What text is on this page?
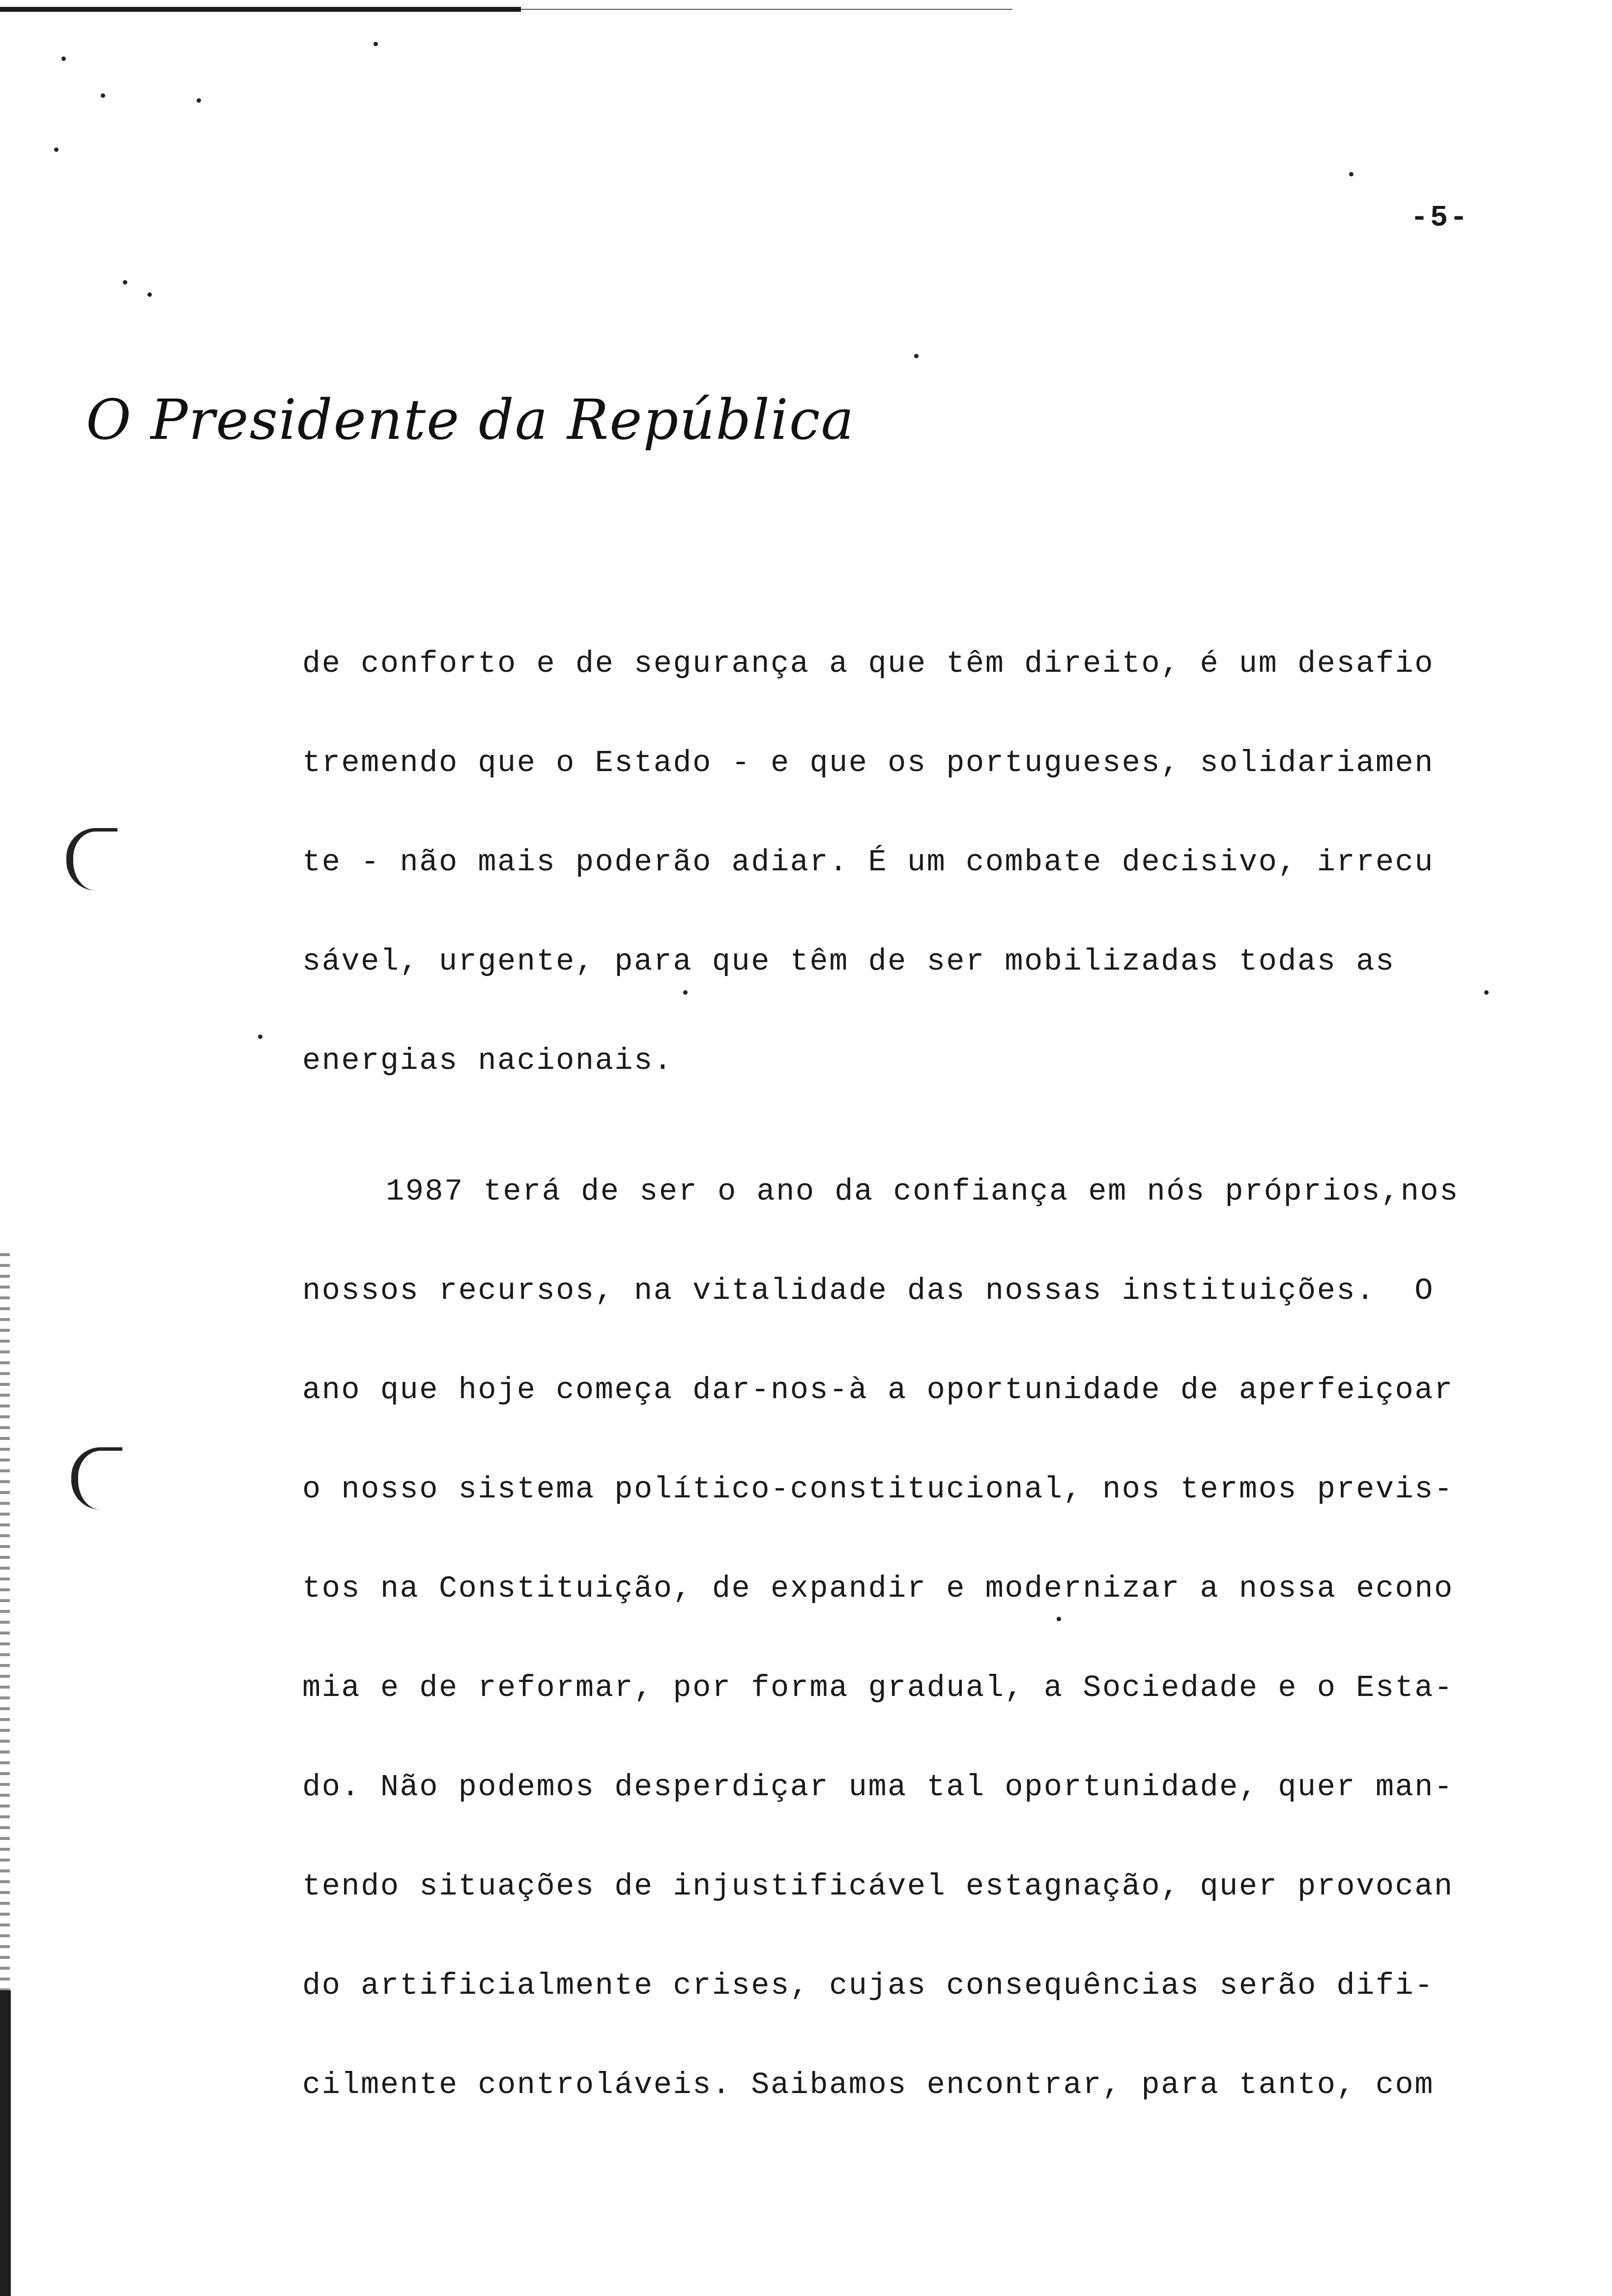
-5-
O Presidente da República
de conforto e de segurança a que têm direito, é um desafio
tremendo que o Estado - e que os portugueses, solidariamen
te - não mais poderão adiar. É um combate decisivo, irrecu
sável, urgente, para que têm de ser mobilizadas todas as
energias nacionais.
1987 terá de ser o ano da confiança em nós próprios,nos
nossos recursos, na vitalidade das nossas instituições.  O
ano que hoje começa dar-nos-à a oportunidade de aperfeiçoar
o nosso sistema político-constitucional, nos termos previs-
tos na Constituição, de expandir e modernizar a nossa econo
mia e de reformar, por forma gradual, a Sociedade e o Esta-
do. Não podemos desperdiçar uma tal oportunidade, quer man-
tendo situações de injustificável estagnação, quer provocan
do artificialmente crises, cujas consequências serão difi-
cilmente controláveis. Saibamos encontrar, para tanto, com
